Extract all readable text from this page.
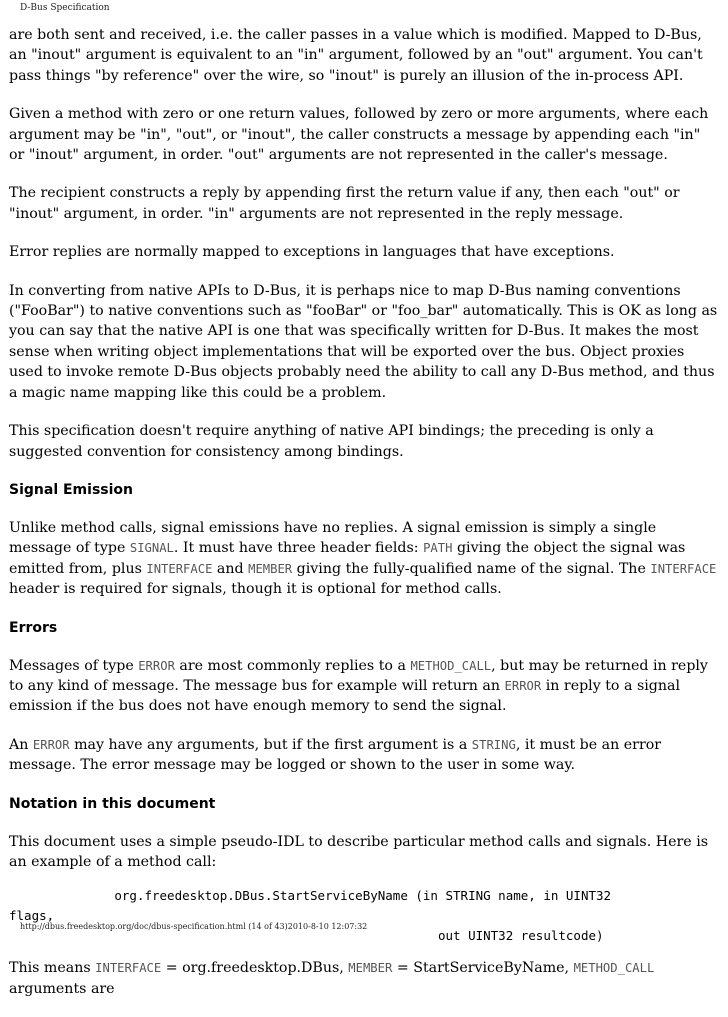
D-Bus Specification

are both sent and received, i.e. the caller passes in a value which is modified. Mapped to D-Bus, an "inout" argument is equivalent to an "in" argument, followed by an "out" argument. You can't pass things "by reference" over the wire, so "inout" is purely an illusion of the in-process API.

Given a method with zero or one return values, followed by zero or more arguments, where each argument may be "in", "out", or "inout", the caller constructs a message by appending each "in" or "inout" argument, in order. "out" arguments are not represented in the caller's message.

The recipient constructs a reply by appending first the return value if any, then each "out" or "inout" argument, in order. "in" arguments are not represented in the reply message.

Error replies are normally mapped to exceptions in languages that have exceptions.

In converting from native APIs to D-Bus, it is perhaps nice to map D-Bus naming conventions ("FooBar") to native conventions such as "fooBar" or "foo_bar" automatically. This is OK as long as you can say that the native API is one that was specifically written for D-Bus. It makes the most sense when writing object implementations that will be exported over the bus. Object proxies used to invoke remote D-Bus objects probably need the ability to call any D-Bus method, and thus a magic name mapping like this could be a problem.

This specification doesn't require anything of native API bindings; the preceding is only a suggested convention for consistency among bindings.

Signal Emission

Unlike method calls, signal emissions have no replies. A signal emission is simply a single message of type SIGNAL. It must have three header fields: PATH giving the object the signal was emitted from, plus INTERFACE and MEMBER giving the fully-qualified name of the signal. The INTERFACE header is required for signals, though it is optional for method calls.

Errors

Messages of type ERROR are most commonly replies to a METHOD_CALL, but may be returned in reply to any kind of message. The message bus for example will return an ERROR in reply to a signal emission if the bus does not have enough memory to send the signal.

An ERROR may have any arguments, but if the first argument is a STRING, it must be an error message. The error message may be logged or shown to the user in some way.

Notation in this document

This document uses a simple pseudo-IDL to describe particular method calls and signals. Here is an example of a method call:

org.freedesktop.DBus.StartServiceByName (in STRING name, in UINT32
flags,
out UINT32 resultcode)

This means INTERFACE = org.freedesktop.DBus, MEMBER = StartServiceByName, METHOD_CALL arguments are

http://dbus.freedesktop.org/doc/dbus-specification.html (14 of 43)2010-8-10 12:07:32
